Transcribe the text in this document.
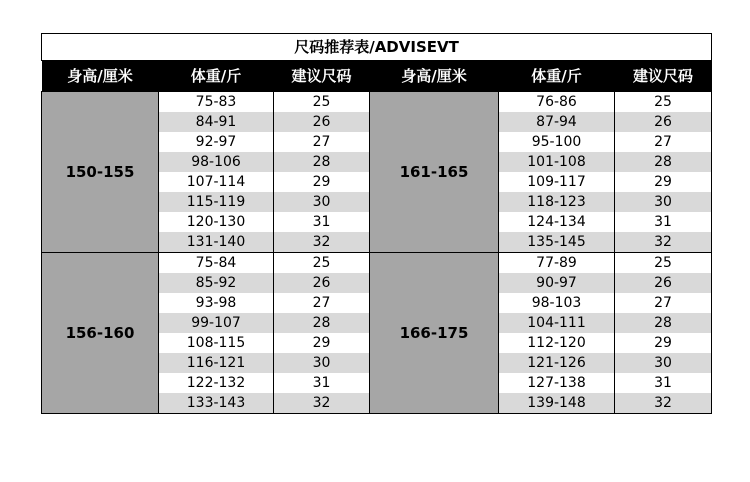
尺码推荐表/ADVISEVT					
身高/厘米	体重/斤	建议尺码	身高/厘米	体重/斤	建议尺码
150-155	75-83	25	161-165	76-86	25
	84-91	26		87-94	26
	92-97	27		95-100	27
	98-106	28		101-108	28
	107-114	29		109-117	29
	115-119	30		118-123	30
	120-130	31		124-134	31
	131-140	32		135-145	32
156-160	75-84	25	166-175	77-89	25
	85-92	26		90-97	26
	93-98	27		98-103	27
	99-107	28		104-111	28
	108-115	29		112-120	29
	116-121	30		121-126	30
	122-132	31		127-138	31
	133-143	32		139-148	32
